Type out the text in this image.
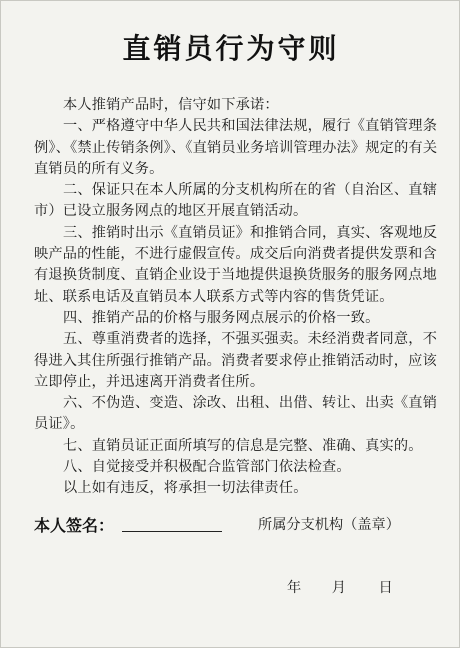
直销员行为守则

本人推销产品时，信守如下承诺：

一、严格遵守中华人民共和国法律法规，履行《直销管理条例》、《禁止传销条例》、《直销员业务培训管理办法》规定的有关直销员的所有义务。

二、保证只在本人所属的分支机构所在的省（自治区、直辖市）已设立服务网点的地区开展直销活动。

三、推销时出示《直销员证》和推销合同，真实、客观地反映产品的性能，不进行虚假宣传。成交后向消费者提供发票和含有退换货制度、直销企业设于当地提供退换货服务的服务网点地址、联系电话及直销员本人联系方式等内容的售货凭证。

四、推销产品的价格与服务网点展示的价格一致。

五、尊重消费者的选择，不强买强卖。未经消费者同意，不得进入其住所强行推销产品。消费者要求停止推销活动时，应该立即停止，并迅速离开消费者住所。

六、不伪造、变造、涂改、出租、出借、转让、出卖《直销员证》。

七、直销员证正面所填写的信息是完整、准确、真实的。

八、自觉接受并积极配合监管部门依法检查。

以上如有违反，将承担一切法律责任。

本人签名：	所属分支机构（盖章）
年 月 日
